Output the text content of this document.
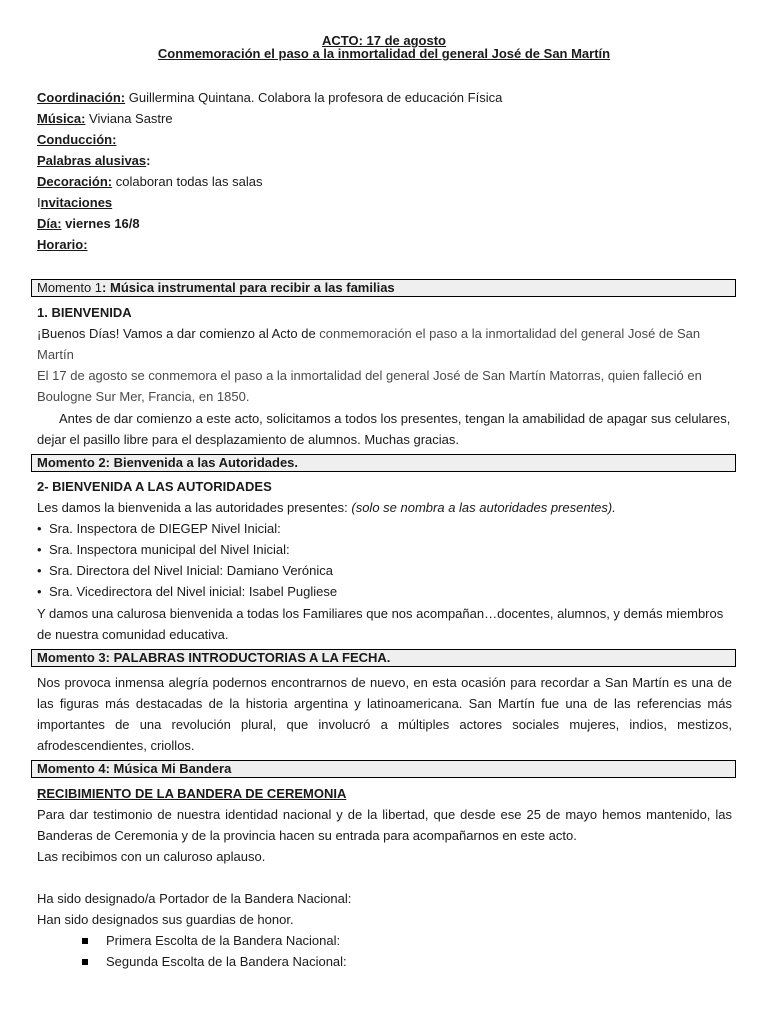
ACTO: 17 de agosto
Conmemoración el paso a la inmortalidad del general José de San Martín
Coordinación: Guillermina Quintana. Colabora la profesora de educación Física
Música: Viviana Sastre
Conducción:
Palabras alusivas:
Decoración: colaboran todas las salas
Invitaciones
Día: viernes 16/8
Horario:
Momento 1: Música instrumental para recibir a las familias
1. BIENVENIDA
¡Buenos Días! Vamos a dar comienzo al Acto de conmemoración el paso a la inmortalidad del general José de San
Martín
El 17 de agosto se conmemora el paso a la inmortalidad del general José de San Martín Matorras, quien falleció en
Boulogne Sur Mer, Francia, en 1850.
Antes de dar comienzo a este acto, solicitamos a todos los presentes, tengan la amabilidad de apagar sus celulares,
dejar el pasillo libre para el desplazamiento de alumnos. Muchas gracias.
Momento 2: Bienvenida a las Autoridades.
2- BIENVENIDA A LAS AUTORIDADES
Les damos la bienvenida a las autoridades presentes: (solo se nombra a las autoridades presentes).
• Sra. Inspectora de DIEGEP Nivel Inicial:
• Sra. Inspectora municipal del Nivel Inicial:
• Sra. Directora del Nivel Inicial: Damiano Verónica
• Sra. Vicedirectora del Nivel inicial: Isabel Pugliese
Y damos una calurosa bienvenida a todas los Familiares que nos acompañan…docentes, alumnos, y demás miembros
de nuestra comunidad educativa.
Momento 3: PALABRAS INTRODUCTORIAS A LA FECHA.
Nos provoca inmensa alegría podernos encontrarnos de nuevo, en esta ocasión para recordar a San Martín es una de
las figuras más destacadas de la historia argentina y latinoamericana. San Martín fue una de las referencias más
importantes de una revolución plural, que involucró a múltiples actores sociales mujeres, indios, mestizos,
afrodescendientes, criollos.
Momento 4: Música Mi Bandera
RECIBIMIENTO DE LA BANDERA DE CEREMONIA
Para dar testimonio de nuestra identidad nacional y de la libertad, que desde ese 25 de mayo hemos mantenido, las
Banderas de Ceremonia y de la provincia hacen su entrada para acompañarnos en este acto.
Las recibimos con un caluroso aplauso.
Ha sido designado/a Portador de la Bandera Nacional:
Han sido designados sus guardias de honor.
Primera Escolta de la Bandera Nacional:
Segunda Escolta de la Bandera Nacional:
